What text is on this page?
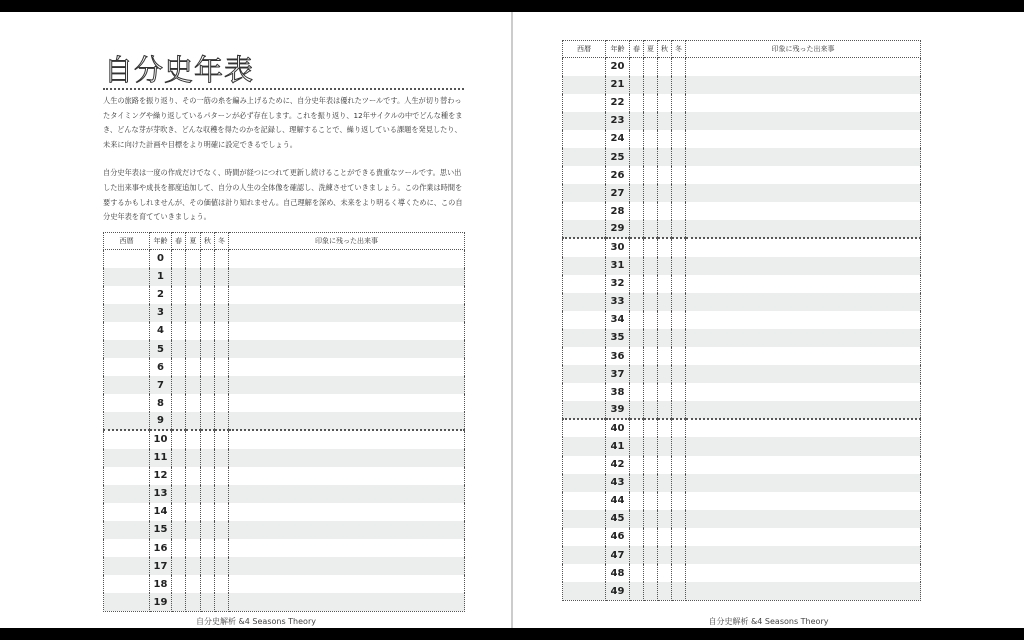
自分史年表

人生の旅路を振り返り、その一筋の糸を編み上げるために、自分史年表は優れたツールです。人生が切り替わったタイミングや繰り返しているパターンが必ず存在します。これを振り返り、12年サイクルの中でどんな種をまき、どんな芽が芽吹き、どんな収穫を得たのかを記録し、理解することで、繰り返している課題を発見したり、未来に向けた計画や目標をより明確に設定できるでしょう。

自分史年表は一度の作成だけでなく、時間が経つにつれて更新し続けることができる貴重なツールです。思い出した出来事や成長を都度追加して、自分の人生の全体像を確認し、洗練させていきましょう。この作業は時間を要するかもしれませんが、その価値は計り知れません。自己理解を深め、未来をより明るく導くために、この自分史年表を育てていきましょう。

西暦	年齢	春	夏	秋	冬	印象に残った出来事
	0					
	1					
	2					
	3					
	4					
	5					
	6					
	7					
	8					
	9					
	10					
	11					
	12					
	13					
	14					
	15					
	16					
	17					
	18					
	19					
自分史解析 &4 Seasons Theory
西暦	年齢	春	夏	秋	冬	印象に残った出来事
	20					
	21					
	22					
	23					
	24					
	25					
	26					
	27					
	28					
	29					
	30					
	31					
	32					
	33					
	34					
	35					
	36					
	37					
	38					
	39					
	40					
	41					
	42					
	43					
	44					
	45					
	46					
	47					
	48					
	49					
自分史解析 &4 Seasons Theory
